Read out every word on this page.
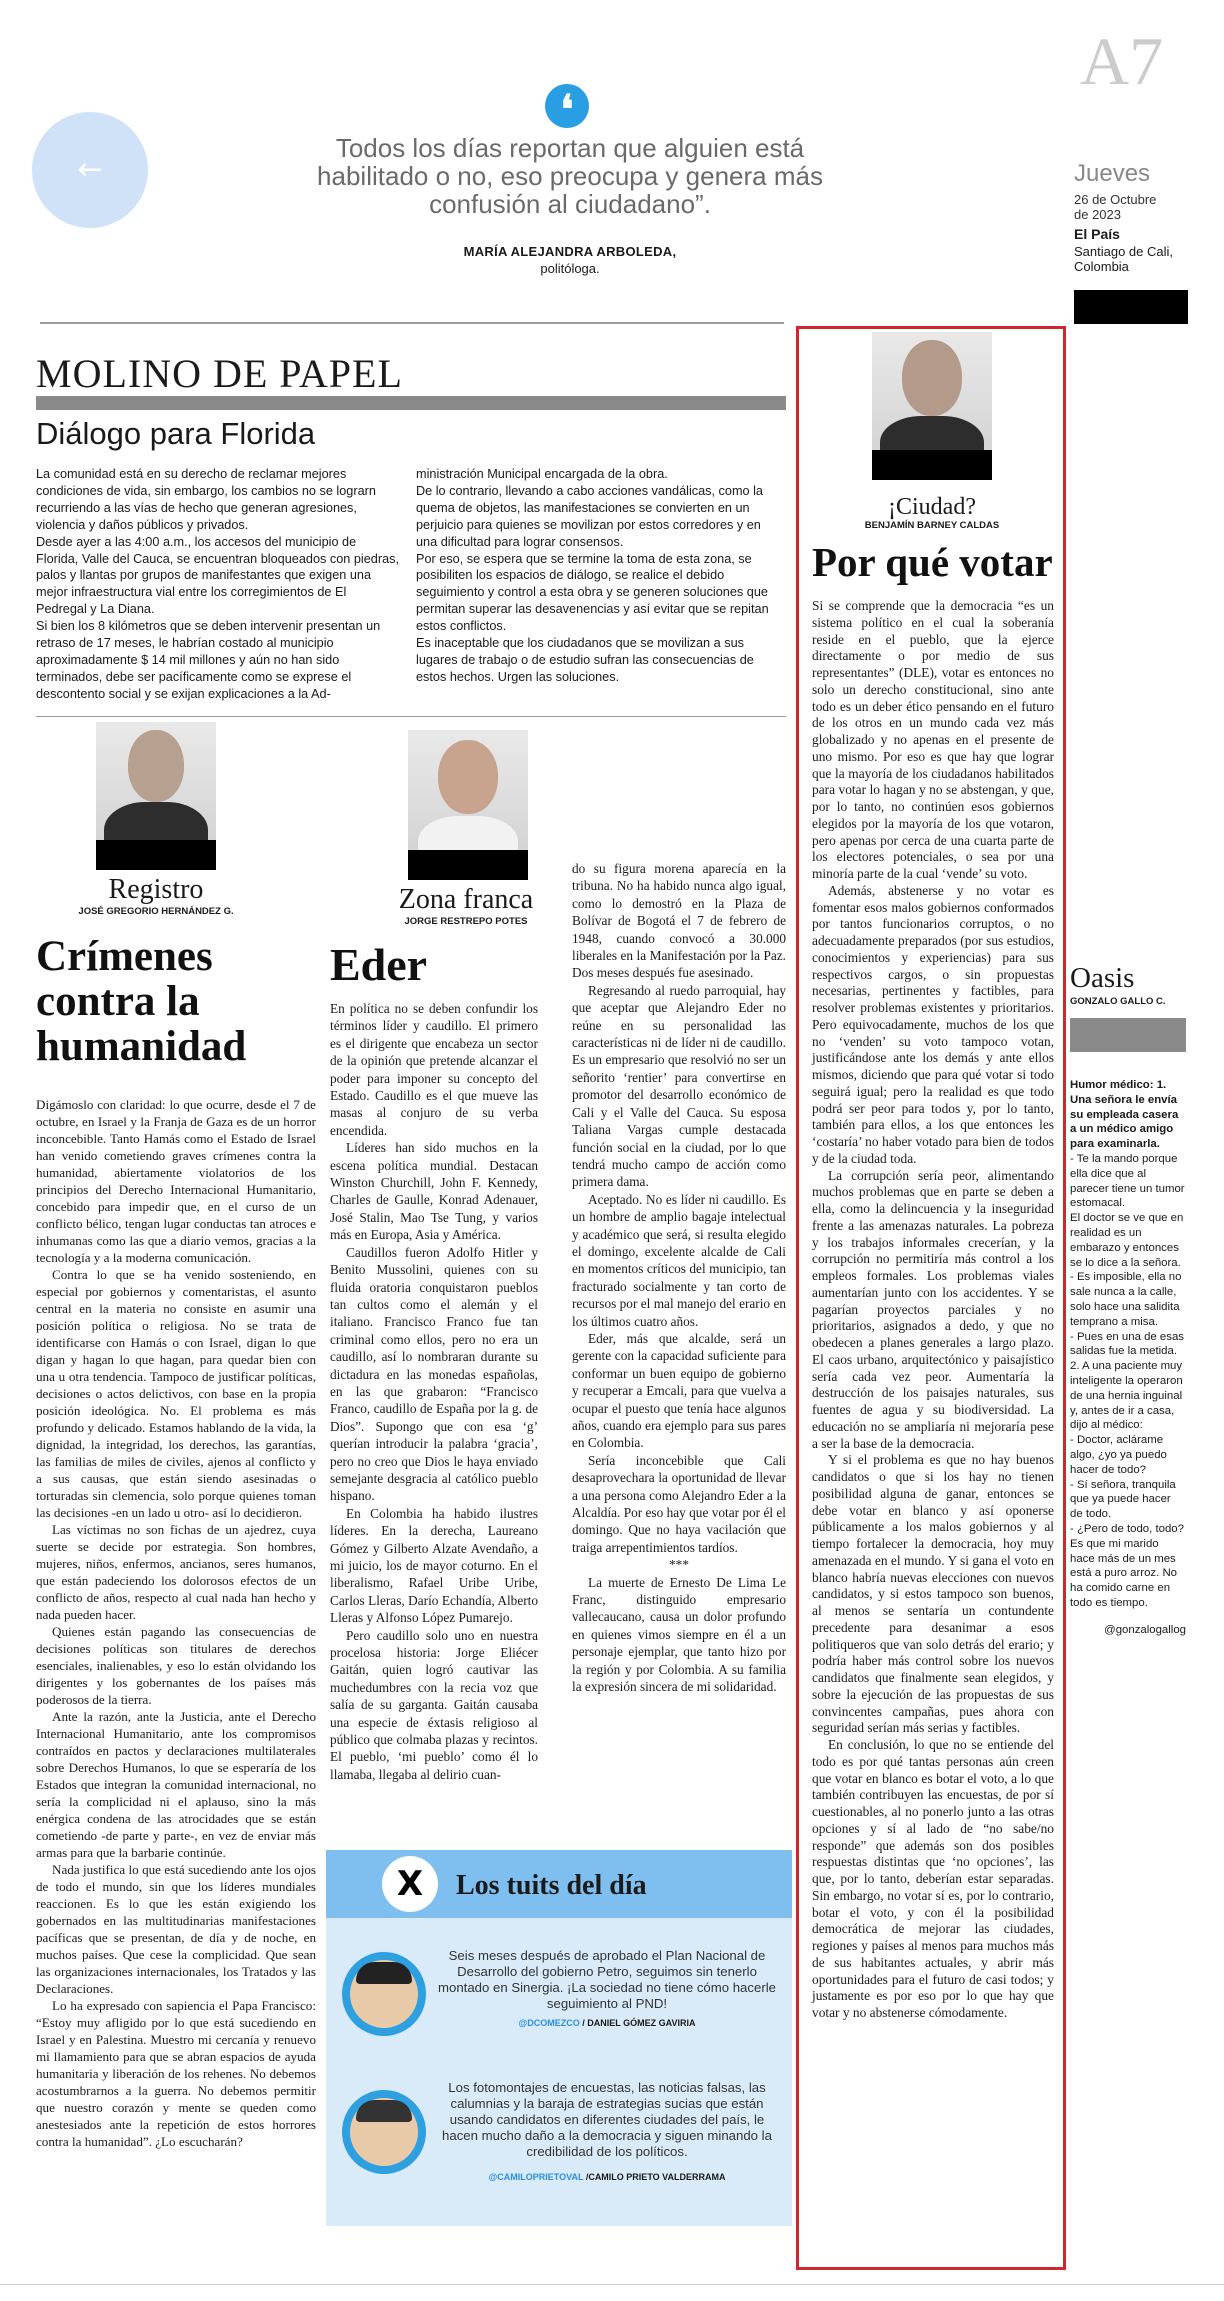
←
❛
Todos los días reportan que alguien está habilitado o no, eso preocupa y genera más confusión al ciudadano”.
MARÍA ALEJANDRA ARBOLEDA,
politóloga.
A7
Jueves
26 de Octubre
de 2023
El País
Santiago de Cali,
Colombia
MOLINO DE PAPEL
Diálogo para Florida

La comunidad está en su derecho de reclamar mejores condiciones de vida, sin embargo, los cambios no se lograrn recurriendo a las vías de hecho que generan agresiones, violencia y daños públicos y privados.

Desde ayer a las 4:00 a.m., los accesos del municipio de Florida, Valle del Cauca, se encuentran bloqueados con piedras, palos y llantas por grupos de manifestantes que exigen una mejor infraestructura vial entre los corregimientos de El Pedregal y La Diana.

Si bien los 8 kilómetros que se deben intervenir presentan un retraso de 17 meses, le habrían costado al municipio aproximadamente $ 14 mil millones y aún no han sido terminados, debe ser pacíficamente como se exprese el descontento social y se exijan explicaciones a la Ad-

ministración Municipal encargada de la obra.

De lo contrario, llevando a cabo acciones vandálicas, como la quema de objetos, las manifestaciones se convierten en un perjuicio para quienes se movilizan por estos corredores y en una dificultad para lograr consensos.

Por eso, se espera que se termine la toma de esta zona, se posibiliten los espacios de diálogo, se realice el debido seguimiento y control a esta obra y se generen soluciones que permitan superar las desavenencias y así evitar que se repitan estos conflictos.

Es inaceptable que los ciudadanos que se movilizan a sus lugares de trabajo o de estudio sufran las consecuencias de estos hechos. Urgen las soluciones.

Registro
JOSÉ GREGORIO HERNÁNDEZ G.
Crímenes
contra la
humanidad

Digámoslo con claridad: lo que ocurre, desde el 7 de octubre, en Israel y la Franja de Gaza es de un horror inconcebible. Tanto Hamás como el Estado de Israel han venido cometiendo graves crímenes contra la humanidad, abiertamente violatorios de los principios del Derecho Internacional Humanitario, concebido para impedir que, en el curso de un conflicto bélico, tengan lugar conductas tan atroces e inhumanas como las que a diario vemos, gracias a la tecnología y a la moderna comunicación.

Contra lo que se ha venido sosteniendo, en especial por gobiernos y comentaristas, el asunto central en la materia no consiste en asumir una posición política o religiosa. No se trata de identificarse con Hamás o con Israel, digan lo que digan y hagan lo que hagan, para quedar bien con una u otra tendencia. Tampoco de justificar políticas, decisiones o actos delictivos, con base en la propia posición ideológica. No. El problema es más profundo y delicado. Estamos hablando de la vida, la dignidad, la integridad, los derechos, las garantías, las familias de miles de civiles, ajenos al conflicto y a sus causas, que están siendo asesinadas o torturadas sin clemencia, solo porque quienes toman las decisiones -en un lado u otro- así lo decidieron.

Las víctimas no son fichas de un ajedrez, cuya suerte se decide por estrategia. Son hombres, mujeres, niños, enfermos, ancianos, seres humanos, que están padeciendo los dolorosos efectos de un conflicto de años, respecto al cual nada han hecho y nada pueden hacer.

Quienes están pagando las consecuencias de decisiones políticas son titulares de derechos esenciales, inalienables, y eso lo están olvidando los dirigentes y los gobernantes de los países más poderosos de la tierra.

Ante la razón, ante la Justicia, ante el Derecho Internacional Humanitario, ante los compromisos contraídos en pactos y declaraciones multilaterales sobre Derechos Humanos, lo que se esperaría de los Estados que integran la comunidad internacional, no sería la complicidad ni el aplauso, sino la más enérgica condena de las atrocidades que se están cometiendo -de parte y parte-, en vez de enviar más armas para que la barbarie continúe.

Nada justifica lo que está sucediendo ante los ojos de todo el mundo, sin que los líderes mundiales reaccionen. Es lo que les están exigiendo los gobernados en las multitudinarias manifestaciones pacíficas que se presentan, de día y de noche, en muchos países. Que cese la complicidad. Que sean las organizaciones internacionales, los Tratados y las Declaraciones.

Lo ha expresado con sapiencia el Papa Francisco: “Estoy muy afligido por lo que está sucediendo en Israel y en Palestina. Muestro mi cercanía y renuevo mi llamamiento para que se abran espacios de ayuda humanitaria y liberación de los rehenes. No debemos acostumbrarnos a la guerra. No debemos permitir que nuestro corazón y mente se queden como anestesiados ante la repetición de estos horrores contra la humanidad”. ¿Lo escucharán?

Zona franca
JORGE RESTREPO POTES
Eder

En política no se deben confundir los términos líder y caudillo. El primero es el dirigente que encabeza un sector de la opinión que pretende alcanzar el poder para imponer su concepto del Estado. Caudillo es el que mueve las masas al conjuro de su verba encendida.

Líderes han sido muchos en la escena política mundial. Destacan Winston Churchill, John F. Kennedy, Charles de Gaulle, Konrad Adenauer, José Stalin, Mao Tse Tung, y varios más en Europa, Asia y América.

Caudillos fueron Adolfo Hitler y Benito Mussolini, quienes con su fluida oratoria conquistaron pueblos tan cultos como el alemán y el italiano. Francisco Franco fue tan criminal como ellos, pero no era un caudillo, así lo nombraran durante su dictadura en las monedas españolas, en las que grabaron: “Francisco Franco, caudillo de España por la g. de Dios”. Supongo que con esa ‘g’ querían introducir la palabra ‘gracia’, pero no creo que Dios le haya enviado semejante desgracia al católico pueblo hispano.

En Colombia ha habido ilustres líderes. En la derecha, Laureano Gómez y Gilberto Alzate Avendaño, a mi juicio, los de mayor coturno. En el liberalismo, Rafael Uribe Uribe, Carlos Lleras, Darío Echandía, Alberto Lleras y Alfonso López Pumarejo.

Pero caudillo solo uno en nuestra procelosa historia: Jorge Eliécer Gaitán, quien logró cautivar las muchedumbres con la recia voz que salía de su garganta. Gaitán causaba una especie de éxtasis religioso al público que colmaba plazas y recintos. El pueblo, ‘mi pueblo’ como él lo llamaba, llegaba al delirio cuan-

do su figura morena aparecía en la tribuna. No ha habido nunca algo igual, como lo demostró en la Plaza de Bolívar de Bogotá el 7 de febrero de 1948, cuando convocó a 30.000 liberales en la Manifestación por la Paz. Dos meses después fue asesinado.

Regresando al ruedo parroquial, hay que aceptar que Alejandro Eder no reúne en su personalidad las características ni de líder ni de caudillo. Es un empresario que resolvió no ser un señorito ‘rentier’ para convertirse en promotor del desarrollo económico de Cali y el Valle del Cauca. Su esposa Taliana Vargas cumple destacada función social en la ciudad, por lo que tendrá mucho campo de acción como primera dama.

Aceptado. No es líder ni caudillo. Es un hombre de amplio bagaje intelectual y académico que será, si resulta elegido el domingo, excelente alcalde de Cali en momentos críticos del municipio, tan fracturado socialmente y tan corto de recursos por el mal manejo del erario en los últimos cuatro años.

Eder, más que alcalde, será un gerente con la capacidad suficiente para conformar un buen equipo de gobierno y recuperar a Emcali, para que vuelva a ocupar el puesto que tenía hace algunos años, cuando era ejemplo para sus pares en Colombia.

Sería inconcebible que Cali desaprovechara la oportunidad de llevar a una persona como Alejandro Eder a la Alcaldía. Por eso hay que votar por él el domingo. Que no haya vacilación que traiga arrepentimientos tardíos.

***

La muerte de Ernesto De Lima Le Franc, distinguido empresario vallecaucano, causa un dolor profundo en quienes vimos siempre en él a un personaje ejemplar, que tanto hizo por la región y por Colombia. A su familia la expresión sincera de mi solidaridad.

X	Los tuits del día
Seis meses después de aprobado el Plan Nacional de Desarrollo del gobierno Petro, seguimos sin tenerlo montado en Sinergia. ¡La sociedad no tiene cómo hacerle seguimiento al PND!
@DCOMEZCO / DANIEL GÓMEZ GAVIRIA
Los fotomontajes de encuestas, las noticias falsas, las calumnias y la baraja de estrategias sucias que están usando candidatos en diferentes ciudades del país, le hacen mucho daño a la democracia y siguen minando la credibilidad de los políticos.
@CAMILOPRIETOVAL /CAMILO PRIETO VALDERRAMA
¡Ciudad?
BENJAMÍN BARNEY CALDAS
Por qué votar

Si se comprende que la democracia “es un sistema político en el cual la soberanía reside en el pueblo, que la ejerce directamente o por medio de sus representantes” (DLE), votar es entonces no solo un derecho constitucional, sino ante todo es un deber ético pensando en el futuro de los otros en un mundo cada vez más globalizado y no apenas en el presente de uno mismo. Por eso es que hay que lograr que la mayoría de los ciudadanos habilitados para votar lo hagan y no se abstengan, y que, por lo tanto, no continúen esos gobiernos elegidos por la mayoría de los que votaron, pero apenas por cerca de una cuarta parte de los electores potenciales, o sea por una minoría parte de la cual ‘vende’ su voto.

Además, abstenerse y no votar es fomentar esos malos gobiernos conformados por tantos funcionarios corruptos, o no adecuadamente preparados (por sus estudios, conocimientos y experiencias) para sus respectivos cargos, o sin propuestas necesarias, pertinentes y factibles, para resolver problemas existentes y prioritarios. Pero equivocadamente, muchos de los que no ‘venden’ su voto tampoco votan, justificándose ante los demás y ante ellos mismos, diciendo que para qué votar si todo seguirá igual; pero la realidad es que todo podrá ser peor para todos y, por lo tanto, también para ellos, a los que entonces les ‘costaría’ no haber votado para bien de todos y de la ciudad toda.

La corrupción sería peor, alimentando muchos problemas que en parte se deben a ella, como la delincuencia y la inseguridad frente a las amenazas naturales. La pobreza y los trabajos informales crecerían, y la corrupción no permitiría más control a los empleos formales. Los problemas viales aumentarían junto con los accidentes. Y se pagarían proyectos parciales y no prioritarios, asignados a dedo, y que no obedecen a planes generales a largo plazo. El caos urbano, arquitectónico y paisajístico sería cada vez peor. Aumentaría la destrucción de los paisajes naturales, sus fuentes de agua y su biodiversidad. La educación no se ampliaría ni mejoraría pese a ser la base de la democracia.

Y si el problema es que no hay buenos candidatos o que si los hay no tienen posibilidad alguna de ganar, entonces se debe votar en blanco y así oponerse públicamente a los malos gobiernos y al tiempo fortalecer la democracia, hoy muy amenazada en el mundo. Y si gana el voto en blanco habría nuevas elecciones con nuevos candidatos, y si estos tampoco son buenos, al menos se sentaría un contundente precedente para desanimar a esos politiqueros que van solo detrás del erario; y podría haber más control sobre los nuevos candidatos que finalmente sean elegidos, y sobre la ejecución de las propuestas de sus convincentes campañas, pues ahora con seguridad serían más serias y factibles.

En conclusión, lo que no se entiende del todo es por qué tantas personas aún creen que votar en blanco es botar el voto, a lo que también contribuyen las encuestas, de por sí cuestionables, al no ponerlo junto a las otras opciones y sí al lado de “no sabe/no responde” que además son dos posibles respuestas distintas que ‘no opciones’, las que, por lo tanto, deberían estar separadas. Sin embargo, no votar sí es, por lo contrario, botar el voto, y con él la posibilidad democrática de mejorar las ciudades, regiones y países al menos para muchos más de sus habitantes actuales, y abrir más oportunidades para el futuro de casi todos; y justamente es por eso por lo que hay que votar y no abstenerse cómodamente.

Oasis
GONZALO GALLO C.

Humor médico: 1. Una señora le envía su empleada casera a un médico amigo para examinarla.

- Te la mando porque ella dice que al parecer tiene un tumor estomacal.

El doctor se ve que en realidad es un embarazo y entonces se lo dice a la señora.

- Es imposible, ella no sale nunca a la calle, solo hace una salidita temprano a misa.

- Pues en una de esas salidas fue la metida.

2. A una paciente muy inteligente la operaron de una hernia inguinal y, antes de ir a casa, dijo al médico:

- Doctor, aclárame algo, ¿yo ya puedo hacer de todo?

- Sí señora, tranquila que ya puede hacer de todo.

- ¿Pero de todo, todo? Es que mi marido hace más de un mes está a puro arroz. No ha comido carne en todo es tiempo.

@gonzalogallog
